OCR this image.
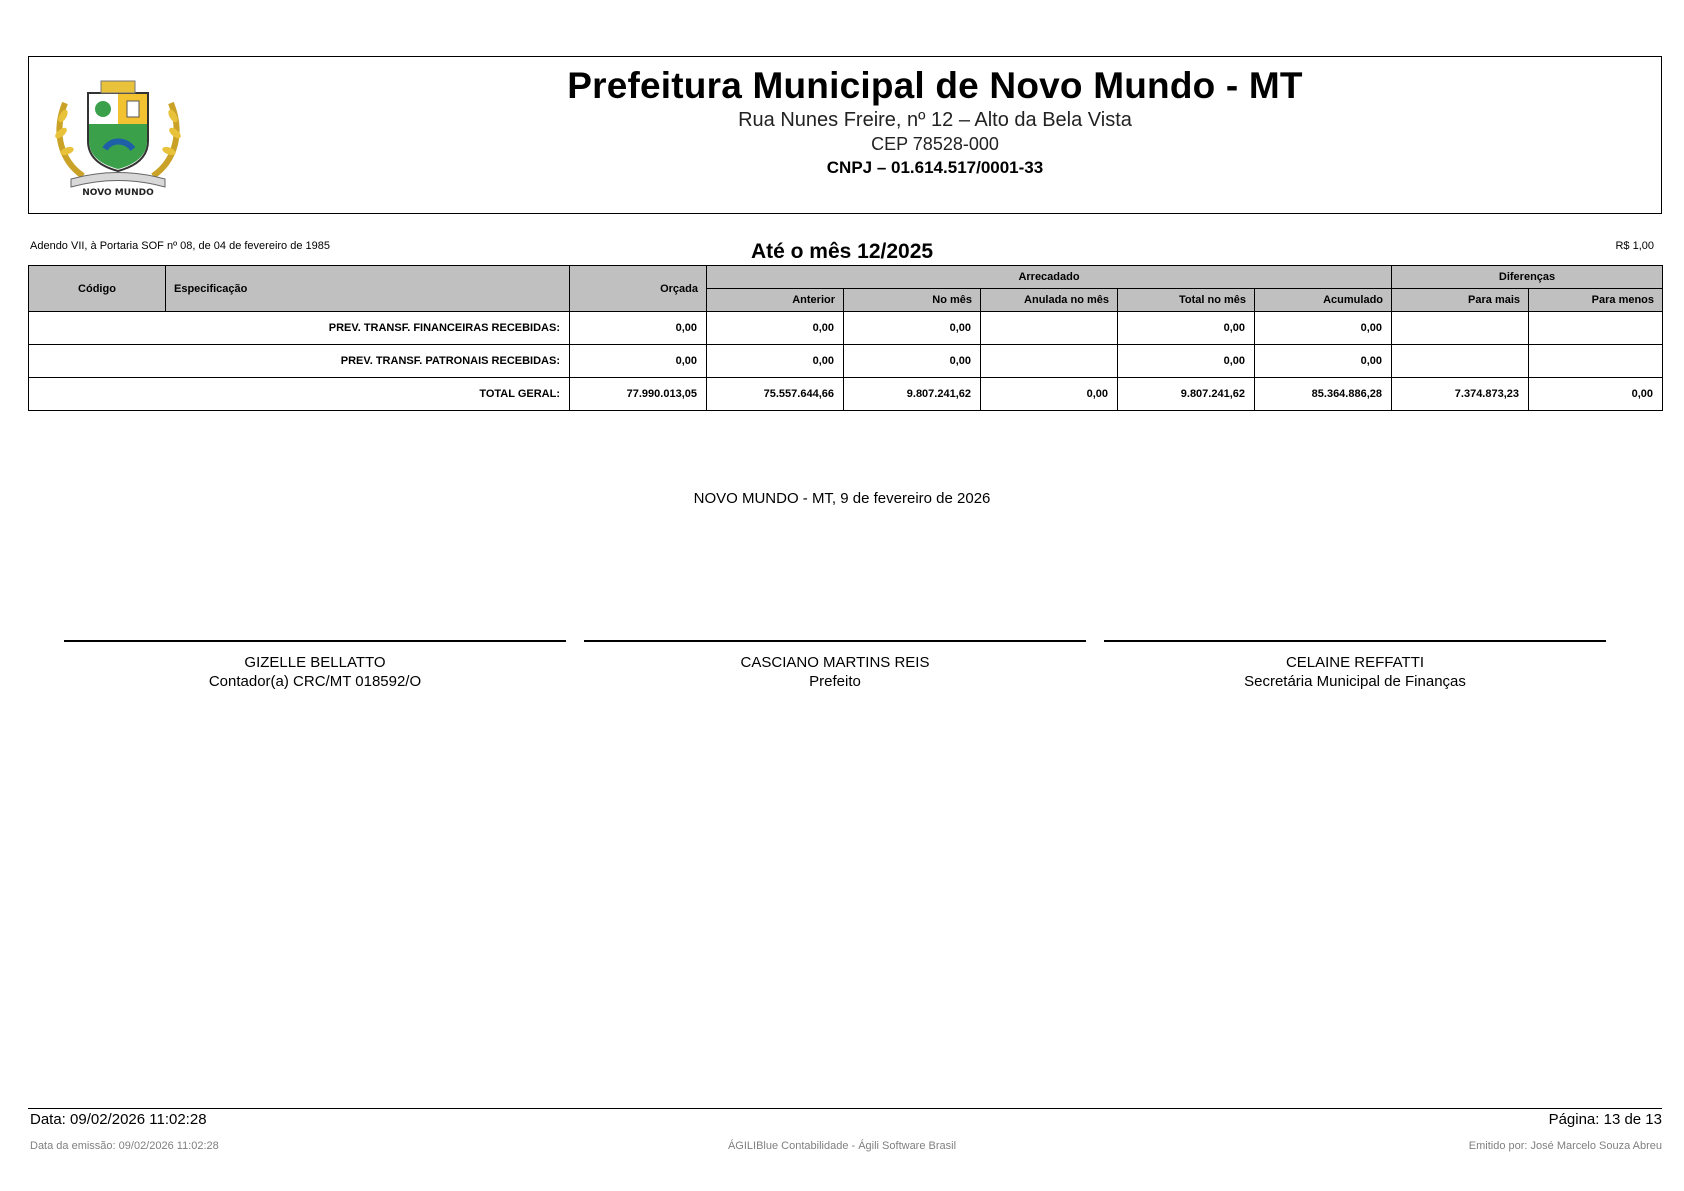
NOVO MUNDO
Prefeitura Municipal de Novo Mundo - MT
Rua Nunes Freire, nº 12 – Alto da Bela Vista
CEP 78528-000
CNPJ – 01.614.517/0001-33
Adendo VII, à Portaria SOF nº 08, de 04 de fevereiro de 1985	Até o mês 12/2025	R$ 1,00
Código	Especificação	Orçada	Arrecadado					Diferenças	
			Anterior	No mês	Anulada no mês	Total no mês	Acumulado	Para mais	Para menos
PREV. TRANSF. FINANCEIRAS RECEBIDAS:		0,00	0,00	0,00		0,00	0,00		
PREV. TRANSF. PATRONAIS RECEBIDAS:		0,00	0,00	0,00		0,00	0,00		
TOTAL GERAL:		77.990.013,05	75.557.644,66	9.807.241,62	0,00	9.807.241,62	85.364.886,28	7.374.873,23	0,00
NOVO MUNDO - MT, 9 de fevereiro de 2026
GIZELLE BELLATTO
Contador(a) CRC/MT 018592/O
CASCIANO MARTINS REIS
Prefeito
CELAINE REFFATTI
Secretária Municipal de Finanças
Data: 09/02/2026 11:02:28	Página: 13 de 13
Data da emissão: 09/02/2026 11:02:28	ÁGILIBlue Contabilidade - Ágili Software Brasil	Emitido por: José Marcelo Souza Abreu
